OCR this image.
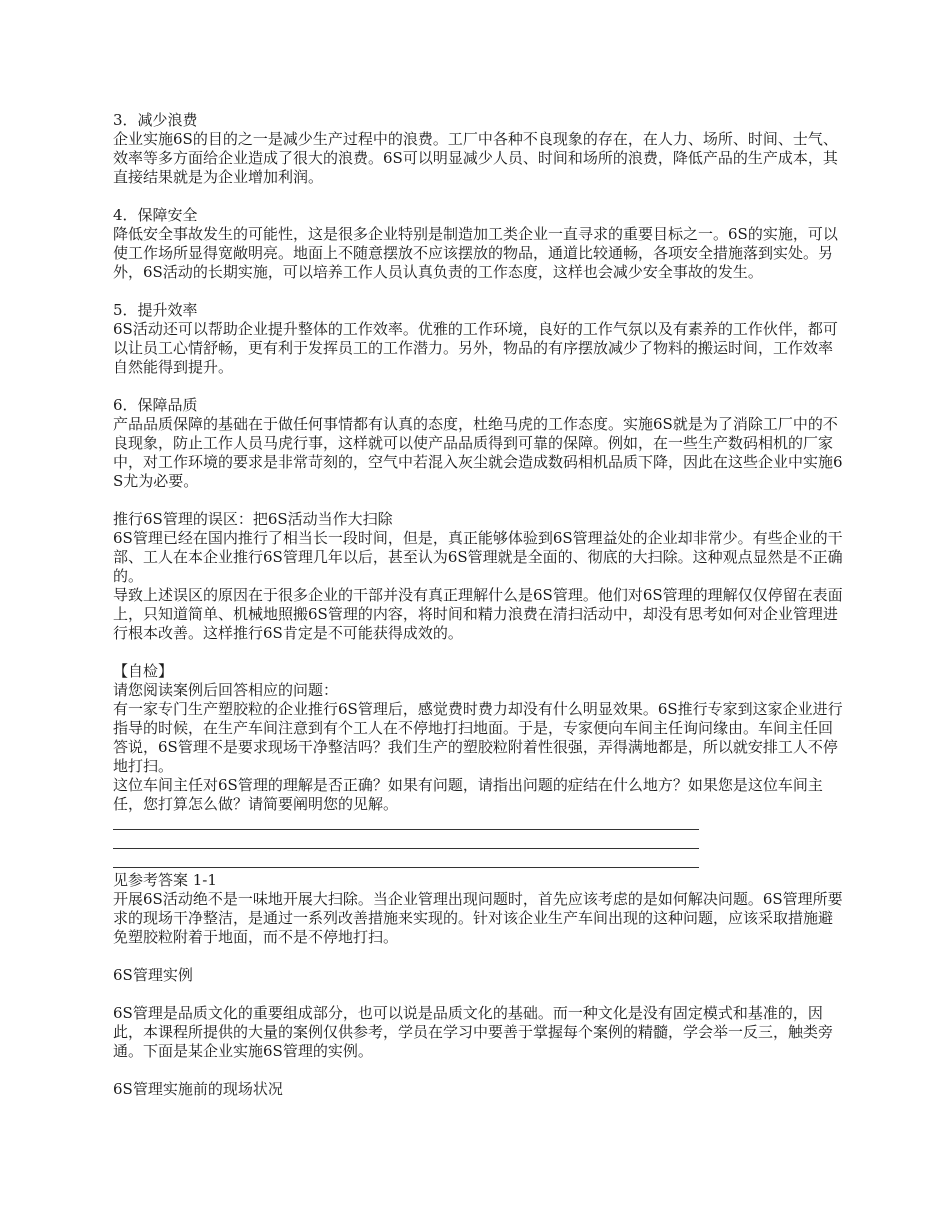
3．减少浪费

企业实施6S的目的之一是减少生产过程中的浪费。工厂中各种不良现象的存在，在人力、场所、时间、士气、效率等多方面给企业造成了很大的浪费。6S可以明显减少人员、时间和场所的浪费，降低产品的生产成本，其直接结果就是为企业增加利润。

4．保障安全

降低安全事故发生的可能性，这是很多企业特别是制造加工类企业一直寻求的重要目标之一。6S的实施，可以使工作场所显得宽敞明亮。地面上不随意摆放不应该摆放的物品，通道比较通畅，各项安全措施落到实处。另外，6S活动的长期实施，可以培养工作人员认真负责的工作态度，这样也会减少安全事故的发生。

5．提升效率

6S活动还可以帮助企业提升整体的工作效率。优雅的工作环境，良好的工作气氛以及有素养的工作伙伴，都可以让员工心情舒畅，更有利于发挥员工的工作潜力。另外，物品的有序摆放减少了物料的搬运时间，工作效率自然能得到提升。

6．保障品质

产品品质保障的基础在于做任何事情都有认真的态度，杜绝马虎的工作态度。实施6S就是为了消除工厂中的不良现象，防止工作人员马虎行事，这样就可以使产品品质得到可靠的保障。例如，在一些生产数码相机的厂家中，对工作环境的要求是非常苛刻的，空气中若混入灰尘就会造成数码相机品质下降，因此在这些企业中实施6S尤为必要。

推行6S管理的误区：把6S活动当作大扫除

6S管理已经在国内推行了相当长一段时间，但是，真正能够体验到6S管理益处的企业却非常少。有些企业的干部、工人在本企业推行6S管理几年以后，甚至认为6S管理就是全面的、彻底的大扫除。这种观点显然是不正确的。

导致上述误区的原因在于很多企业的干部并没有真正理解什么是6S管理。他们对6S管理的理解仅仅停留在表面上，只知道简单、机械地照搬6S管理的内容，将时间和精力浪费在清扫活动中，却没有思考如何对企业管理进行根本改善。这样推行6S肯定是不可能获得成效的。

【自检】

请您阅读案例后回答相应的问题：

有一家专门生产塑胶粒的企业推行6S管理后，感觉费时费力却没有什么明显效果。6S推行专家到这家企业进行指导的时候，在生产车间注意到有个工人在不停地打扫地面。于是，专家便向车间主任询问缘由。车间主任回答说，6S管理不是要求现场干净整洁吗？我们生产的塑胶粒附着性很强，弄得满地都是，所以就安排工人不停地打扫。

这位车间主任对6S管理的理解是否正确？如果有问题，请指出问题的症结在什么地方？如果您是这位车间主任，您打算怎么做？请简要阐明您的见解。

见参考答案 1-1

开展6S活动绝不是一味地开展大扫除。当企业管理出现问题时，首先应该考虑的是如何解决问题。6S管理所要求的现场干净整洁，是通过一系列改善措施来实现的。针对该企业生产车间出现的这种问题，应该采取措施避免塑胶粒附着于地面，而不是不停地打扫。

6S管理实例

6S管理是品质文化的重要组成部分，也可以说是品质文化的基础。而一种文化是没有固定模式和基准的，因此，本课程所提供的大量的案例仅供参考，学员在学习中要善于掌握每个案例的精髓，学会举一反三，触类旁通。下面是某企业实施6S管理的实例。

6S管理实施前的现场状况
